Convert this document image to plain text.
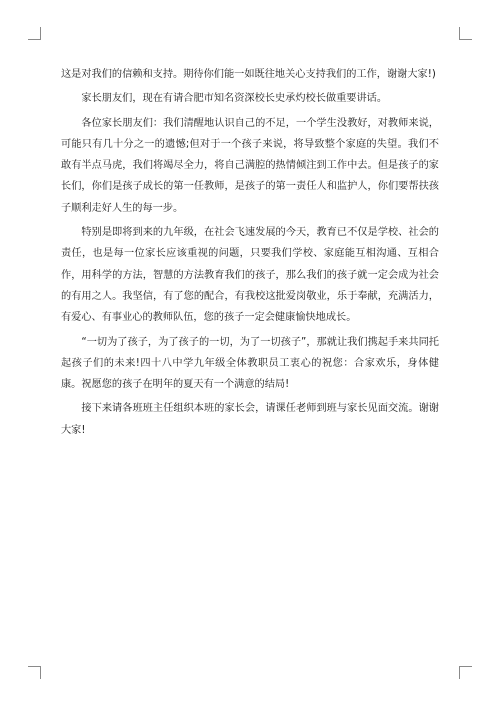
这是对我们的信赖和支持。期待你们能一如既往地关心支持我们的工作，谢谢大家!)

家长朋友们，现在有请合肥市知名资深校长史承灼校长做重要讲话。

各位家长朋友们：我们清醒地认识自己的不足，一个学生没教好，对教师来说，可能只有几十分之一的遗憾;但对于一个孩子来说，将导致整个家庭的失望。我们不敢有半点马虎，我们将竭尽全力，将自己满腔的热情倾注到工作中去。但是孩子的家长们，你们是孩子成长的第一任教师，是孩子的第一责任人和监护人，你们要帮扶孩子顺利走好人生的每一步。

特别是即将到来的九年级，在社会飞速发展的今天，教育已不仅是学校、社会的责任，也是每一位家长应该重视的问题，只要我们学校、家庭能互相沟通、互相合作，用科学的方法，智慧的方法教育我们的孩子，那么我们的孩子就一定会成为社会的有用之人。我坚信，有了您的配合，有我校这批爱岗敬业，乐于奉献，充满活力，有爱心、有事业心的教师队伍，您的孩子一定会健康愉快地成长。

“一切为了孩子，为了孩子的一切，为了一切孩子”，那就让我们携起手来共同托起孩子们的未来!四十八中学九年级全体教职员工衷心的祝您：合家欢乐，身体健康。祝愿您的孩子在明年的夏天有一个满意的结局!

接下来请各班班主任组织本班的家长会，请课任老师到班与家长见面交流。谢谢大家!
